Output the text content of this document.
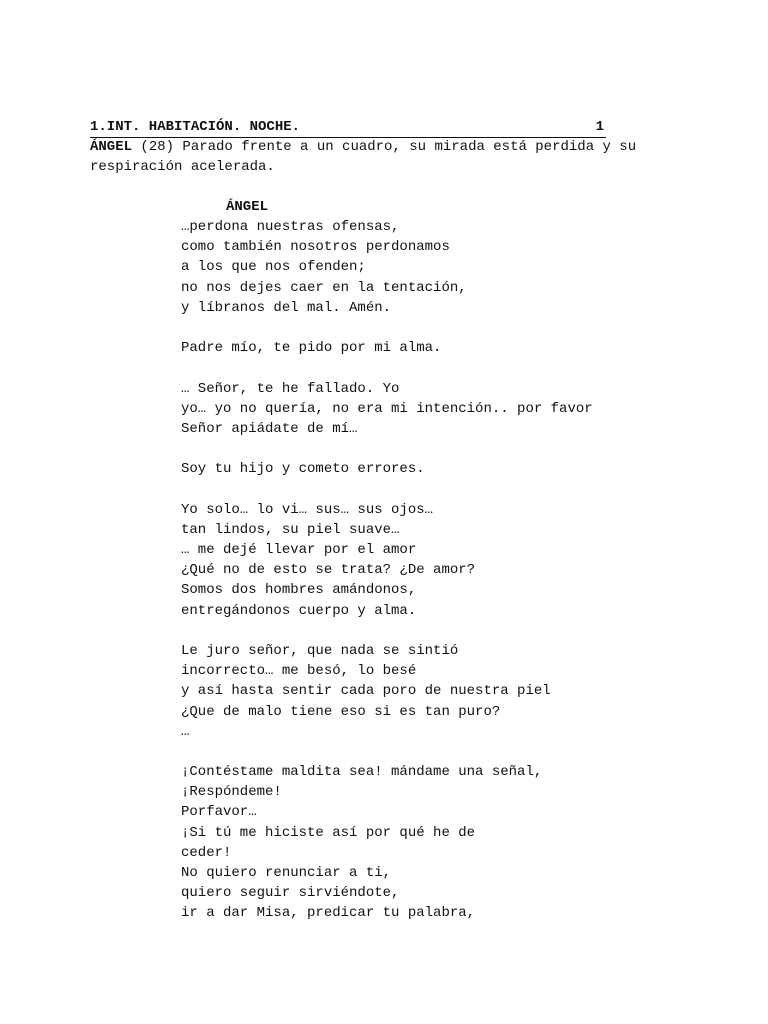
1.INT. HABITACIÓN. NOCHE.	1

ÁNGEL (28) Parado frente a un cuadro, su mirada está perdida y su respiración acelerada.

ÁNGEL
…perdona nuestras ofensas,
como también nosotros perdonamos
a los que nos ofenden;
no nos dejes caer en la tentación,
y líbranos del mal. Amén.
Padre mío, te pido por mi alma.
… Señor, te he fallado. Yo
yo… yo no quería, no era mi intención.. por favor
Señor apiádate de mí…
Soy tu hijo y cometo errores.
Yo solo… lo vi… sus… sus ojos…
tan lindos, su piel suave…
… me dejé llevar por el amor
¿Qué no de esto se trata? ¿De amor?
Somos dos hombres amándonos,
entregándonos cuerpo y alma.
Le juro señor, que nada se sintió
incorrecto… me besó, lo besé
y así hasta sentir cada poro de nuestra piel
¿Que de malo tiene eso si es tan puro?
…
¡Contéstame maldita sea! mándame una señal,
¡Respóndeme!
Porfavor…
¡Si tú me hiciste así por qué he de
ceder!
No quiero renunciar a ti,
quiero seguir sirviéndote,
ir a dar Misa, predicar tu palabra,
